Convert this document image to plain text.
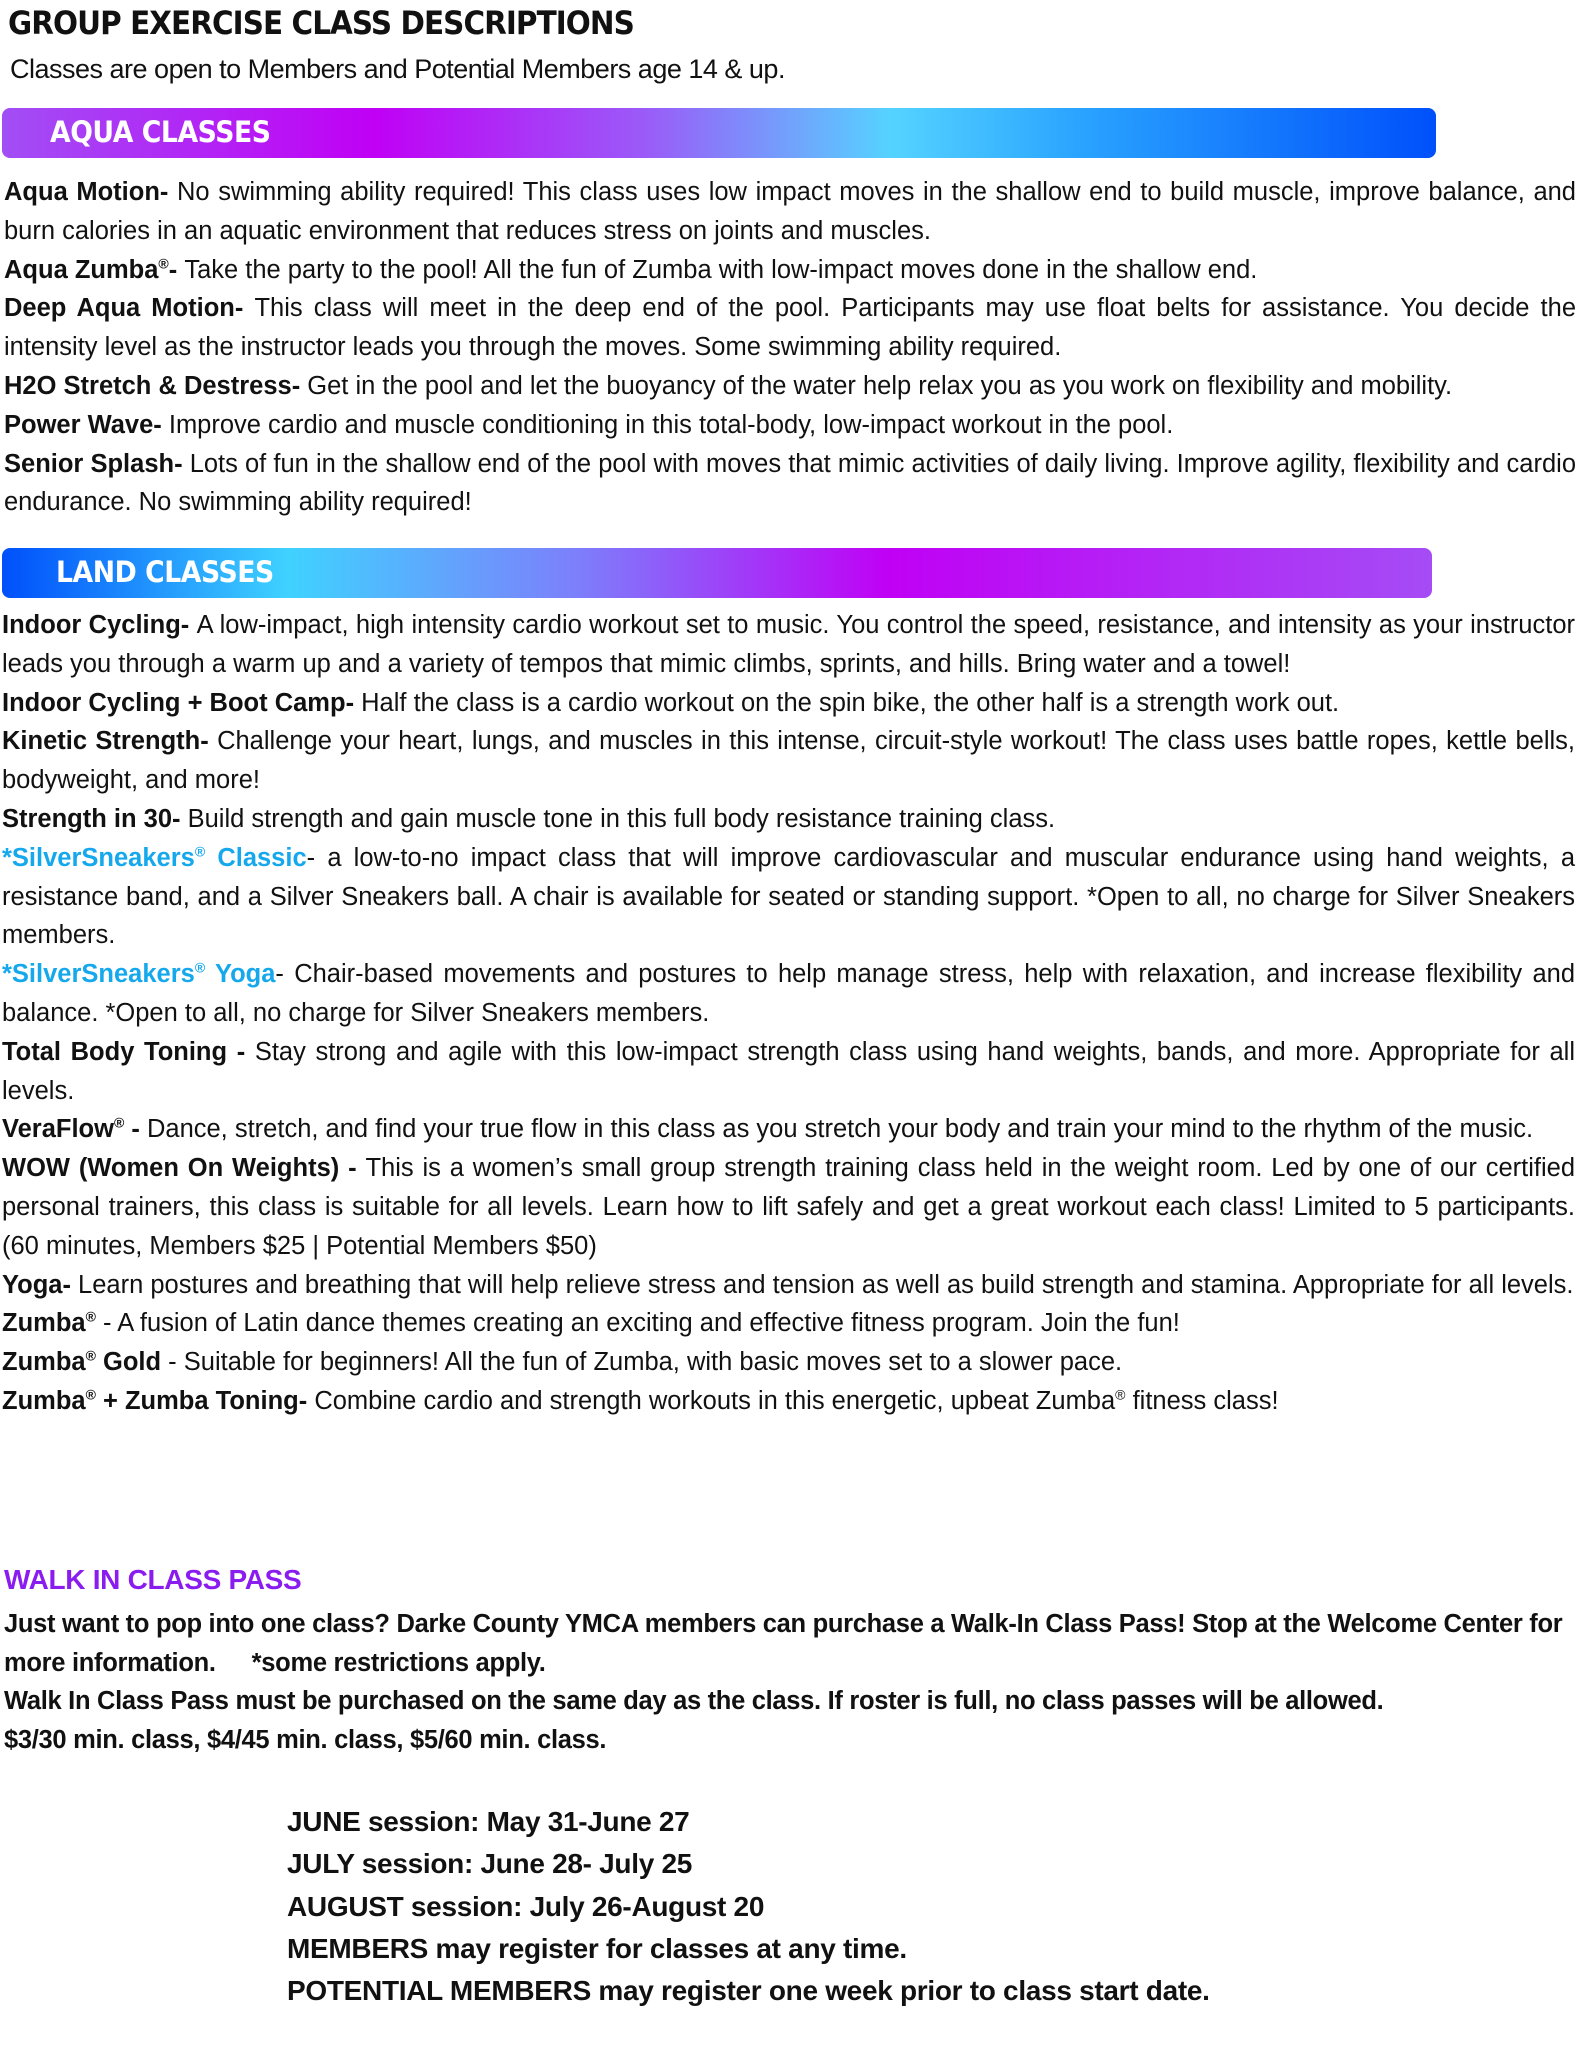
GROUP EXERCISE CLASS DESCRIPTIONS

Classes are open to Members and Potential Members age 14 & up.

AQUA CLASSES

Aqua Motion- No swimming ability required! This class uses low impact moves in the shallow end to build muscle, improve balance, and burn calories in an aquatic environment that reduces stress on joints and muscles.

Aqua Zumba®- Take the party to the pool! All the fun of Zumba with low-impact moves done in the shallow end.

Deep Aqua Motion- This class will meet in the deep end of the pool. Participants may use float belts for assistance. You decide the intensity level as the instructor leads you through the moves. Some swimming ability required.

H2O Stretch & Destress- Get in the pool and let the buoyancy of the water help relax you as you work on flexibility and mobility.

Power Wave- Improve cardio and muscle conditioning in this total-body, low-impact workout in the pool.

Senior Splash- Lots of fun in the shallow end of the pool with moves that mimic activities of daily living. Improve agility, flexibility and cardio endurance. No swimming ability required!

LAND CLASSES

Indoor Cycling- A low-impact, high intensity cardio workout set to music. You control the speed, resistance, and intensity as your instructor leads you through a warm up and a variety of tempos that mimic climbs, sprints, and hills. Bring water and a towel!

Indoor Cycling + Boot Camp- Half the class is a cardio workout on the spin bike, the other half is a strength work out.

Kinetic Strength- Challenge your heart, lungs, and muscles in this intense, circuit-style workout! The class uses battle ropes, kettle bells, bodyweight, and more!

Strength in 30- Build strength and gain muscle tone in this full body resistance training class.

*SilverSneakers® Classic- a low-to-no impact class that will improve cardiovascular and muscular endurance using hand weights, a resistance band, and a Silver Sneakers ball. A chair is available for seated or standing support. *Open to all, no charge for Silver Sneakers members.

*SilverSneakers® Yoga- Chair-based movements and postures to help manage stress, help with relaxation, and increase flexibility and balance. *Open to all, no charge for Silver Sneakers members.

Total Body Toning - Stay strong and agile with this low-impact strength class using hand weights, bands, and more. Appropriate for all levels.

VeraFlow® - Dance, stretch, and find your true flow in this class as you stretch your body and train your mind to the rhythm of the music.

WOW (Women On Weights) - This is a women’s small group strength training class held in the weight room. Led by one of our certified personal trainers, this class is suitable for all levels. Learn how to lift safely and get a great workout each class! Limited to 5 participants. (60 minutes, Members $25 | Potential Members $50)

Yoga- Learn postures and breathing that will help relieve stress and tension as well as build strength and stamina. Appropriate for all levels.

Zumba® - A fusion of Latin dance themes creating an exciting and effective fitness program. Join the fun!

Zumba® Gold - Suitable for beginners! All the fun of Zumba, with basic moves set to a slower pace.

Zumba® + Zumba Toning- Combine cardio and strength workouts in this energetic, upbeat Zumba® fitness class!

WALK IN CLASS PASS

Just want to pop into one class? Darke County YMCA members can purchase a Walk-In Class Pass! Stop at the Welcome Center for more information. *some restrictions apply.

Walk In Class Pass must be purchased on the same day as the class. If roster is full, no class passes will be allowed.

$3/30 min. class, $4/45 min. class, $5/60 min. class.

JUNE session: May 31-June 27

JULY session: June 28- July 25

AUGUST session: July 26-August 20

MEMBERS may register for classes at any time.

POTENTIAL MEMBERS may register one week prior to class start date.
